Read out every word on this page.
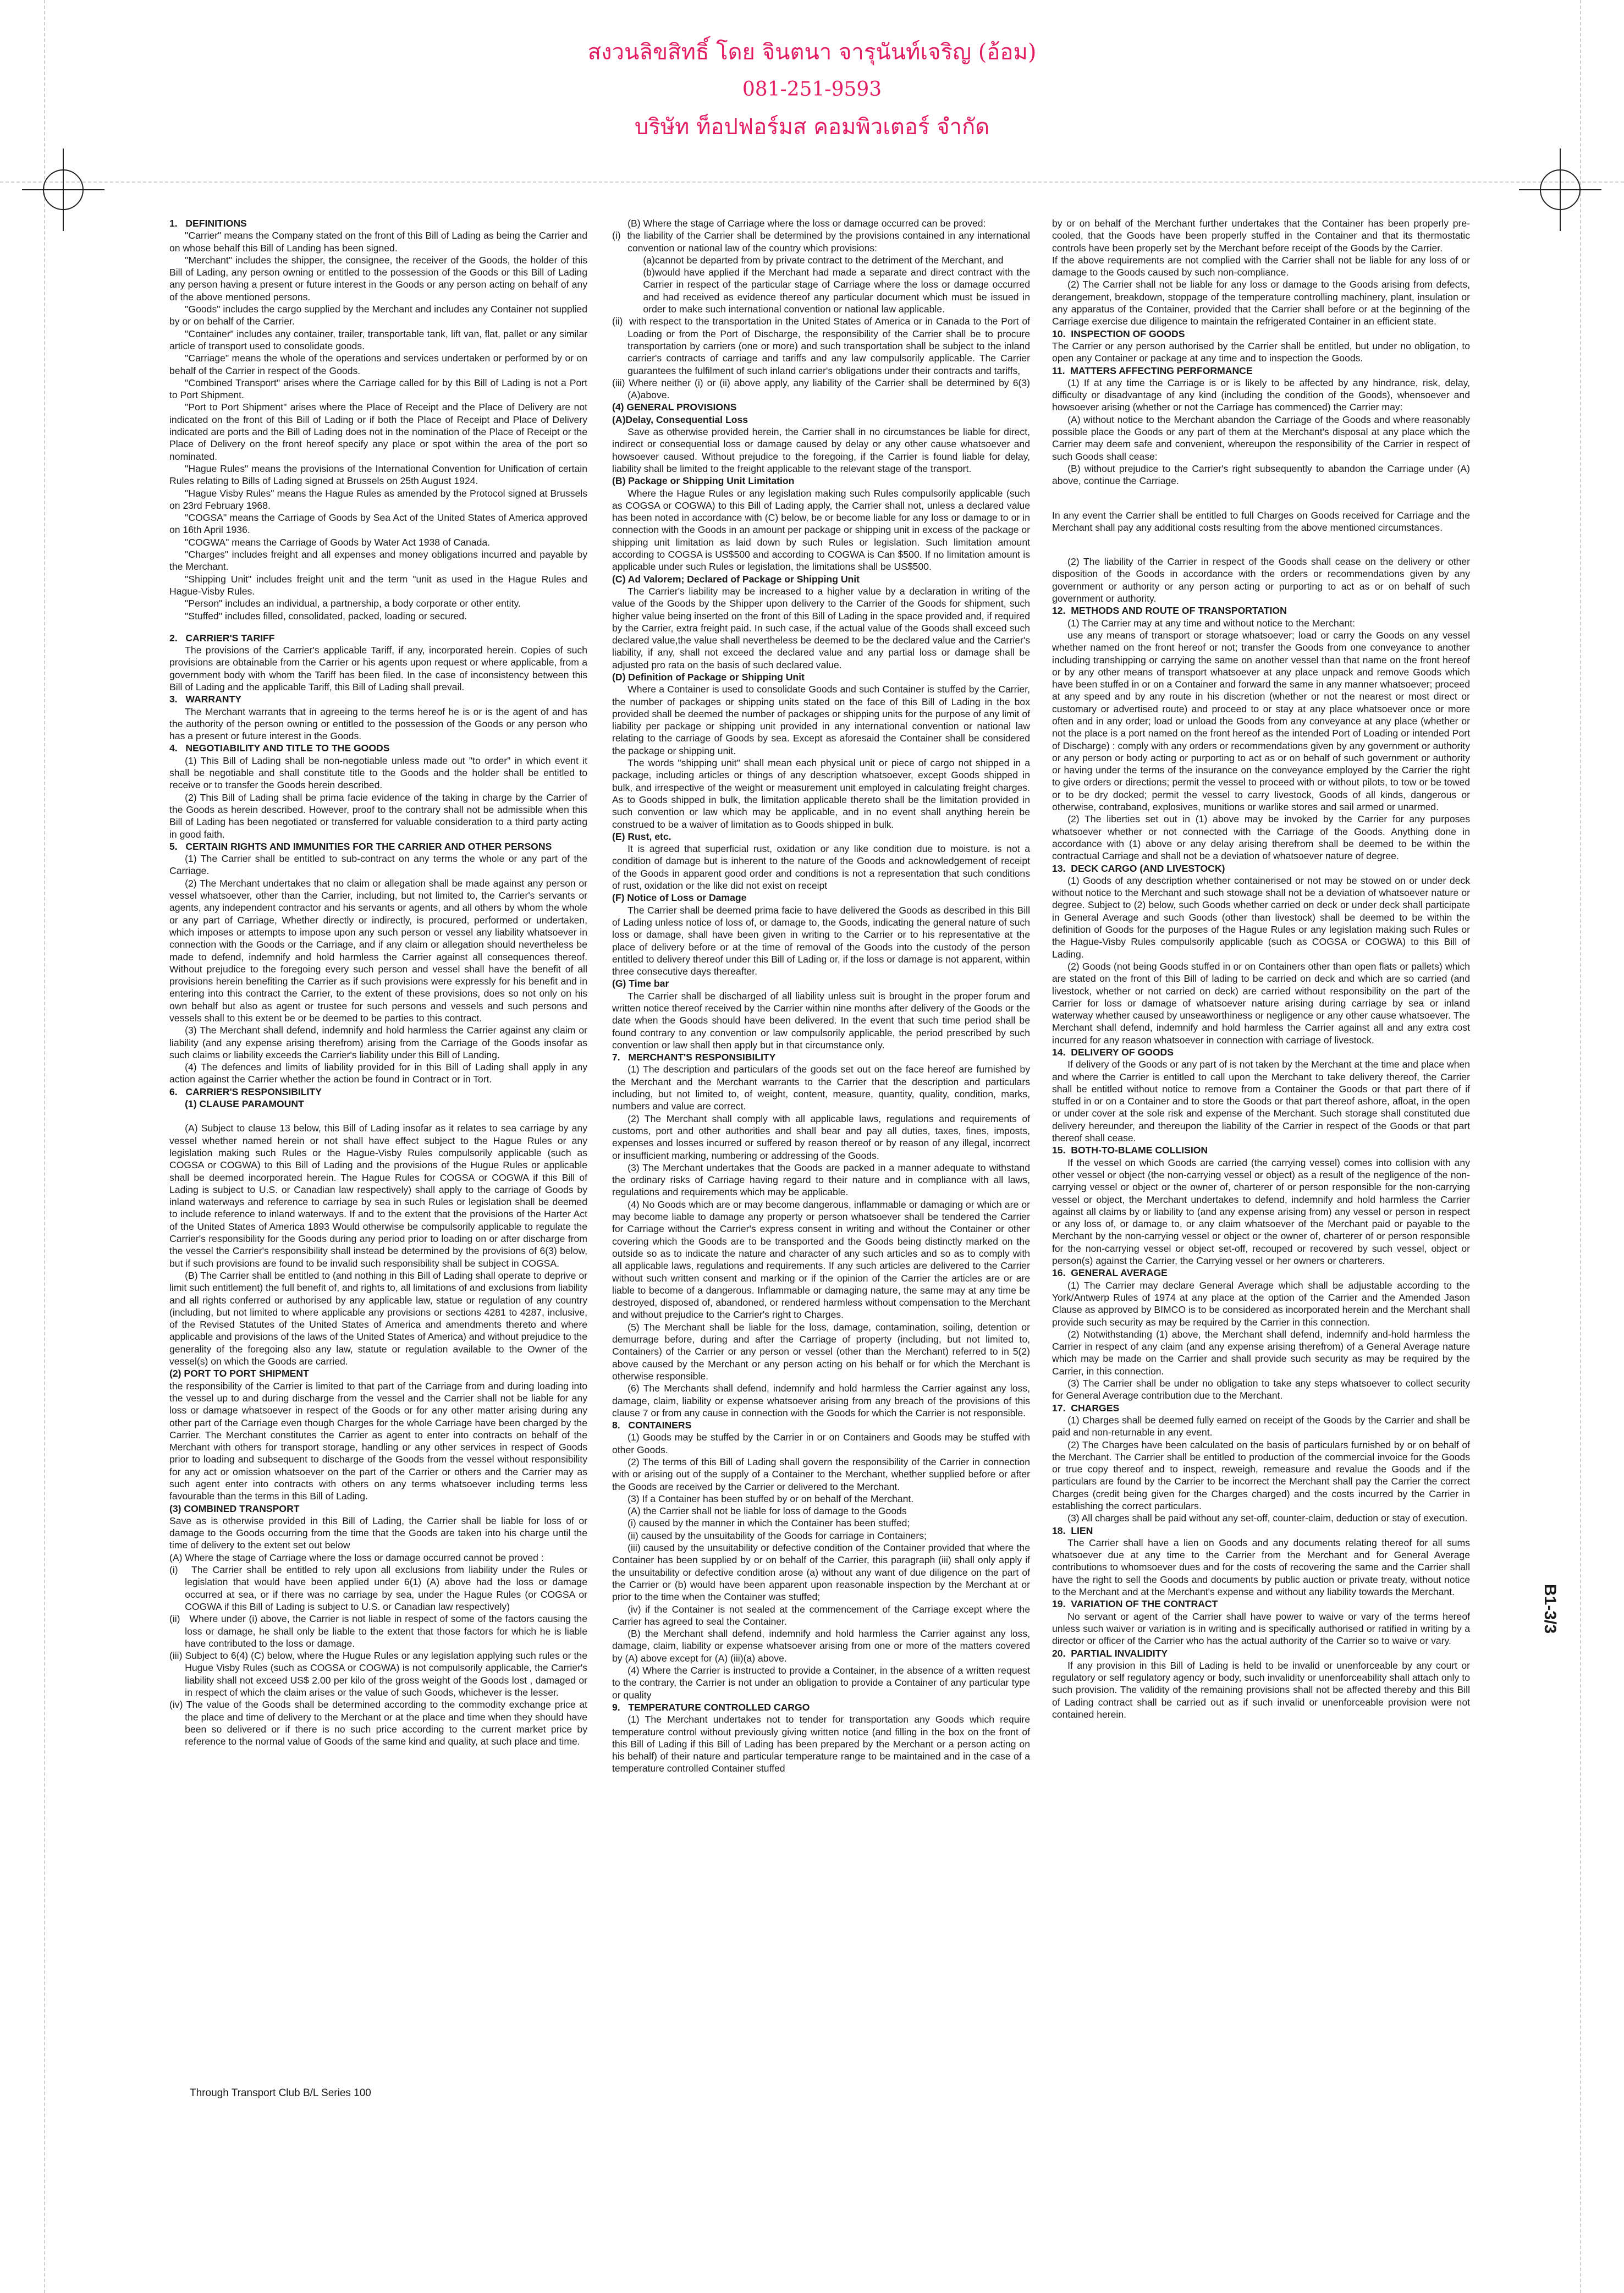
สงวนลิขสิทธิ์ โดย จินตนา จารุนันท์เจริญ (อ้อม)
081-251-9593
บริษัท ท็อปฟอร์มส คอมพิวเตอร์ จำกัด
1.   DEFINITIONS

"Carrier" means the Company stated on the front of this Bill of Lading as being the Carrier and on whose behalf this Bill of Landing has been signed.

"Merchant" includes the shipper, the consignee, the receiver of the Goods, the holder of this Bill of Lading, any person owning or entitled to the possession of the Goods or this Bill of Lading any person having a present or future interest in the Goods or any person acting on behalf of any of the above mentioned persons.

"Goods" includes the cargo supplied by the Merchant and includes any Container not supplied by or on behalf of the Carrier.

"Container" includes any container, trailer, transportable tank, lift van, flat, pallet or any similar article of transport used to consolidate goods.

"Carriage" means the whole of the operations and services undertaken or performed by or on behalf of the Carrier in respect of the Goods.

"Combined Transport" arises where the Carriage called for by this Bill of Lading is not a Port to Port Shipment.

"Port to Port Shipment" arises where the Place of Receipt and the Place of Delivery are not indicated on the front of this Bill of Lading or if both the Place of Receipt and Place of Delivery indicated are ports and the Bill of Lading does not in the nomination of the Place of Receipt or the Place of Delivery on the front hereof specify any place or spot within the area of the port so nominated.

"Hague Rules" means the provisions of the International Convention for Unification of certain Rules relating to Bills of Lading signed at Brussels on 25th August 1924.

"Hague Visby Rules" means the Hague Rules as amended by the Protocol signed at Brussels on 23rd February 1968.

"COGSA" means the Carriage of Goods by Sea Act of the United States of America approved on 16th April 1936.

"COGWA" means the Carriage of Goods by Water Act 1938 of Canada.

"Charges" includes freight and all expenses and money obligations incurred and payable by the Merchant.

"Shipping Unit" includes freight unit and the term "unit as used in the Hague Rules and Hague-Visby Rules.

"Person" includes an individual, a partnership, a body corporate or other entity.

"Stuffed" includes filled, consolidated, packed, loading or secured.

2.   CARRIER'S TARIFF

The provisions of the Carrier's applicable Tariff, if any, incorporated herein. Copies of such provisions are obtainable from the Carrier or his agents upon request or where applicable, from a government body with whom the Tariff has been filed. In the case of inconsistency between this Bill of Lading and the applicable Tariff, this Bill of Lading shall prevail.

3.   WARRANTY

The Merchant warrants that in agreeing to the terms hereof he is or is the agent of and has the authority of the person owning or entitled to the possession of the Goods or any person who has a present or future interest in the Goods.

4.   NEGOTIABILITY AND TITLE TO THE GOODS

(1) This Bill of Lading shall be non-negotiable unless made out "to order" in which event it shall be negotiable and shall constitute title to the Goods and the holder shall be entitled to receive or to transfer the Goods herein described.

(2) This Bill of Lading shall be prima facie evidence of the taking in charge by the Carrier of the Goods as herein described. However, proof to the contrary shall not be admissible when this Bill of Lading has been negotiated or transferred for valuable consideration to a third party acting in good faith.

5.   CERTAIN RIGHTS AND IMMUNITIES FOR THE CARRIER AND OTHER PERSONS

(1) The Carrier shall be entitled to sub-contract on any terms the whole or any part of the Carriage.

(2) The Merchant undertakes that no claim or allegation shall be made against any person or vessel whatsoever, other than the Carrier, including, but not limited to, the Carrier's servants or agents, any independent contractor and his servants or agents, and all others by whom the whole or any part of Carriage, Whether directly or indirectly, is procured, performed or undertaken, which imposes or attempts to impose upon any such person or vessel any liability whatsoever in connection with the Goods or the Carriage, and if any claim or allegation should nevertheless be made to defend, indemnify and hold harmless the Carrier against all consequences thereof. Without prejudice to the foregoing every such person and vessel shall have the benefit of all provisions herein benefiting the Carrier as if such provisions were expressly for his benefit and in entering into this contract the Carrier, to the extent of these provisions, does so not only on his own behalf but also as agent or trustee for such persons and vessels and such persons and vessels shall to this extent be or be deemed to be parties to this contract.

(3) The Merchant shall defend, indemnify and hold harmless the Carrier against any claim or liability (and any expense arising therefrom) arising from the Carriage of the Goods insofar as such claims or liability exceeds the Carrier's liability under this Bill of Landing.

(4) The defences and limits of liability provided for in this Bill of Lading shall apply in any action against the Carrier whether the action be found in Contract or in Tort.

6.   CARRIER'S RESPONSIBILITY
(1) CLAUSE PARAMOUNT

(A) Subject to clause 13 below, this Bill of Lading insofar as it relates to sea carriage by any vessel whether named herein or not shall have effect subject to the Hague Rules or any legislation making such Rules or the Hague-Visby Rules compulsorily applicable (such as COGSA or COGWA) to this Bill of Lading and the provisions of the Hugue Rules or applicable shall be deemed incorporated herein. The Hague Rules for COGSA or COGWA if this Bill of Lading is subject to U.S. or Canadian law respectively) shall apply to the carriage of Goods by inland waterways and reference to carriage by sea in such Rules or legislation shall be deemed to include reference to inland waterways. If and to the extent that the provisions of the Harter Act of the United States of America 1893 Would otherwise be compulsorily applicable to regulate the Carrier's responsibility for the Goods during any period prior to loading on or after discharge from the vessel the Carrier's responsibility shall instead be determined by the provisions of 6(3) below, but if such provisions are found to be invalid such responsibility shall be subject in COGSA.

(B) The Carrier shall be entitled to (and nothing in this Bill of Lading shall operate to deprive or limit such entitlement) the full benefit of, and rights to, all limitations of and exclusions from liability and all rights conferred or authorised by any applicable law, statue or regulation of any country (including, but not limited to where applicable any provisions or sections 4281 to 4287, inclusive, of the Revised Statutes of the United States of America and amendments thereto and where applicable and provisions of the laws of the United States of America) and without prejudice to the generality of the foregoing also any law, statute or regulation available to the Owner of the vessel(s) on which the Goods are carried.

(2) PORT TO PORT SHIPMENT

the responsibility of the Carrier is limited to that part of the Carriage from and during loading into the vessel up to and during discharge from the vessel and the Carrier shall not be liable for any loss or damage whatsoever in respect of the Goods or for any other matter arising during any other part of the Carriage even though Charges for the whole Carriage have been charged by the Carrier. The Merchant constitutes the Carrier as agent to enter into contracts on behalf of the Merchant with others for transport storage, handling or any other services in respect of Goods prior to loading and subsequent to discharge of the Goods from the vessel without responsibility for any act or omission whatsoever on the part of the Carrier or others and the Carrier may as such agent enter into contracts with others on any terms whatsoever including terms less favourable than the terms in this Bill of Lading.

(3) COMBINED TRANSPORT

Save as is otherwise provided in this Bill of Lading, the Carrier shall be liable for loss of or damage to the Goods occurring from the time that the Goods are taken into his charge until the time of delivery to the extent set out below

(A) Where the stage of Carriage where the loss or damage occurred cannot be proved :

(i)   The Carrier shall be entitled to rely upon all exclusions from liability under the Rules or legislation that would have been applied under 6(1) (A) above had the loss or damage occurred at sea, or if there was no carriage by sea, under the Hague Rules (or COGSA or COGWA if this Bill of Lading is subject to U.S. or Canadian law respectively)

(ii)   Where under (i) above, the Carrier is not liable in respect of some of the factors causing the loss or damage, he shall only be liable to the extent that those factors for which he is liable have contributed to the loss or damage.

(iii) Subject to 6(4) (C) below, where the Hugue Rules or any legislation applying such rules or the Hugue Visby Rules (such as COGSA or COGWA) is not compulsorily applicable, the Carrier's liability shall not exceed US$ 2.00 per kilo of the gross weight of the Goods lost , damaged or in respect of which the claim arises or the value of such Goods, whichever is the lesser.

(iv) The value of the Goods shall be determined according to the commodity exchange price at the place and time of delivery to the Merchant or at the place and time when they should have been so delivered or if there is no such price according to the current market price by reference to the normal value of Goods of the same kind and quality, at such place and time.

(B) Where the stage of Carriage where the loss or damage occurred can be proved:

(i)  the liability of the Carrier shall be determined by the provisions contained in any international convention or national law of the country which provisions:

(a)cannot be departed from by private contract to the detriment of the Merchant, and

(b)would have applied if the Merchant had made a separate and direct contract with the Carrier in respect of the particular stage of Carriage where the loss or damage occurred and had received as evidence thereof any particular document which must be issued in order to make such international convention or national law applicable.

(ii)  with respect to the transportation in the United States of America or in Canada to the Port of Loading or from the Port of Discharge, the responsibility of the Carrier shall be to procure transportation by carriers (one or more) and such transportation shall be subject to the inland carrier's contracts of carriage and tariffs and any law compulsorily applicable. The Carrier guarantees the fulfilment of such inland carrier's obligations under their contracts and tariffs,

(iii) Where neither (i) or (ii) above apply, any liability of the Carrier shall be determined by 6(3)(A)above.

(4) GENERAL PROVISIONS
(A)Delay, Consequential Loss

Save as otherwise provided herein, the Carrier shall in no circumstances be liable for direct, indirect or consequential loss or damage caused by delay or any other cause whatsoever and howsoever caused. Without prejudice to the foregoing, if the Carrier is found liable for delay, liability shall be limited to the freight applicable to the relevant stage of the transport.

(B) Package or Shipping Unit Limitation

Where the Hague Rules or any legislation making such Rules compulsorily applicable (such as COGSA or COGWA) to this Bill of Lading apply, the Carrier shall not, unless a declared value has been noted in accordance with (C) below, be or become liable for any loss or damage to or in connection with the Goods in an amount per package or shipping unit in excess of the package or shipping unit limitation as laid down by such Rules or legislation. Such limitation amount according to COGSA is US$500 and according to COGWA is Can $500. If no limitation amount is applicable under such Rules or legislation, the limitations shall be US$500.

(C) Ad Valorem; Declared of Package or Shipping Unit

The Carrier's liability may be increased to a higher value by a declaration in writing of the value of the Goods by the Shipper upon delivery to the Carrier of the Goods for shipment, such higher value being inserted on the front of this Bill of Lading in the space provided and, if required by the Carrier, extra freight paid. In such case, if the actual value of the Goods shall exceed such declared value,the value shall nevertheless be deemed to be the declared value and the Carrier's liability, if any, shall not exceed the declared value and any partial loss or damage shall be adjusted pro rata on the basis of such declared value.

(D) Definition of Package or Shipping Unit

Where a Container is used to consolidate Goods and such Container is stuffed by the Carrier, the number of packages or shipping units stated on the face of this Bill of Lading in the box provided shall be deemed the number of packages or shipping units for the purpose of any limit of liability per package or shipping unit provided in any international convention or national law relating to the carriage of Goods by sea. Except as aforesaid the Container shall be considered the package or shipping unit.

The words "shipping unit" shall mean each physical unit or piece of cargo not shipped in a package, including articles or things of any description whatsoever, except Goods shipped in bulk, and irrespective of the weight or measurement unit employed in calculating freight charges. As to Goods shipped in bulk, the limitation applicable thereto shall be the limitation provided in such convention or law which may be applicable, and in no event shall anything herein be construed to be a waiver of limitation as to Goods shipped in bulk.

(E) Rust, etc.

It is agreed that superficial rust, oxidation or any like condition due to moisture. is not a condition of damage but is inherent to the nature of the Goods and acknowledgement of receipt of the Goods in apparent good order and conditions is not a representation that such conditions of rust, oxidation or the like did not exist on receipt

(F) Notice of Loss or Damage

The Carrier shall be deemed prima facie to have delivered the Goods as described in this Bill of Lading unless notice of loss of, or damage to, the Goods, indicating the general nature of such loss or damage, shall have been given in writing to the Carrier or to his representative at the place of delivery before or at the time of removal of the Goods into the custody of the person entitled to delivery thereof under this Bill of Lading or, if the loss or damage is not apparent, within three consecutive days thereafter.

(G) Time bar

The Carrier shall be discharged of all liability unless suit is brought in the proper forum and written notice thereof received by the Carrier within nine months after delivery of the Goods or the date when the Goods should have been delivered. In the event that such time period shall be found contrary to any convention or law compulsorily applicable, the period prescribed by such convention or law shall then apply but in that circumstance only.

7.   MERCHANT'S RESPONSIBILITY

(1) The description and particulars of the goods set out on the face hereof are furnished by the Merchant and the Merchant warrants to the Carrier that the description and particulars including, but not limited to, of weight, content, measure, quantity, quality, condition, marks, numbers and value are correct.

(2) The Merchant shall comply with all applicable laws, regulations and requirements of customs, port and other authorities and shall bear and pay all duties, taxes, fines, imposts, expenses and losses incurred or suffered by reason thereof or by reason of any illegal, incorrect or insufficient marking, numbering or addressing of the Goods.

(3) The Merchant undertakes that the Goods are packed in a manner adequate to withstand the ordinary risks of Carriage having regard to their nature and in compliance with all laws, regulations and requirements which may be applicable.

(4) No Goods which are or may become dangerous, inflammable or damaging or which are or may become liable to damage any property or person whatsoever shall be tendered the Carrier for Carriage without the Carrier's express consent in writing and without the Container or other covering which the Goods are to be transported and the Goods being distinctly marked on the outside so as to indicate the nature and character of any such articles and so as to comply with all applicable laws, regulations and requirements. If any such articles are delivered to the Carrier without such written consent and marking or if the opinion of the Carrier the articles are or are liable to become of a dangerous. Inflammable or damaging nature, the same may at any time be destroyed, disposed of, abandoned, or rendered harmless without compensation to the Merchant and without prejudice to the Carrier's right to Charges.

(5) The Merchant shall be liable for the loss, damage, contamination, soiling, detention or demurrage before, during and after the Carriage of property (including, but not limited to, Containers) of the Carrier or any person or vessel (other than the Merchant) referred to in 5(2) above caused by the Merchant or any person acting on his behalf or for which the Merchant is otherwise responsible.

(6) The Merchants shall defend, indemnify and hold harmless the Carrier against any loss, damage, claim, liability or expense whatsoever arising from any breach of the provisions of this clause 7 or from any cause in connection with the Goods for which the Carrier is not responsible.

8.   CONTAINERS

(1) Goods may be stuffed by the Carrier in or on Containers and Goods may be stuffed with other Goods.

(2) The terms of this Bill of Lading shall govern the responsibility of the Carrier in connection with or arising out of the supply of a Container to the Merchant, whether supplied before or after the Goods are received by the Carrier or delivered to the Merchant.

(3) If a Container has been stuffed by or on behalf of the Merchant.

(A) the Carrier shall not be liable for loss of damage to the Goods

(i) caused by the manner in which the Container has been stuffed;

(ii) caused by the unsuitability of the Goods for carriage in Containers;

(iii) caused by the unsuitability or defective condition of the Container provided that where the Container has been supplied by or on behalf of the Carrier, this paragraph (iii) shall only apply if the unsuitability or defective condition arose (a) without any want of due diligence on the part of the Carrier or (b) would have been apparent upon reasonable inspection by the Merchant at or prior to the time when the Container was stuffed;

(iv) if the Container is not sealed at the commencement of the Carriage except where the Carrier has agreed to seal the Container.

(B) the Merchant shall defend, indemnify and hold harmless the Carrier against any loss, damage, claim, liability or expense whatsoever arising from one or more of the matters covered by (A) above except for (A) (iii)(a) above.

(4) Where the Carrier is instructed to provide a Container, in the absence of a written request to the contrary, the Carrier is not under an obligation to provide a Container of any particular type or quality

9.   TEMPERATURE CONTROLLED CARGO

(1) The Merchant undertakes not to tender for transportation any Goods which require temperature control without previously giving written notice (and filling in the box on the front of this Bill of Lading if this Bill of Lading has been prepared by the Merchant or a person acting on his behalf) of their nature and particular temperature range to be maintained and in the case of a temperature controlled Container stuffed

by or on behalf of the Merchant further undertakes that the Container has been properly pre-cooled, that the Goods have been properly stuffed in the Container and that its thermostatic controls have been properly set by the Merchant before receipt of the Goods by the Carrier.

If the above requirements are not complied with the Carrier shall not be liable for any loss of or damage to the Goods caused by such non-compliance.

(2) The Carrier shall not be liable for any loss or damage to the Goods arising from defects, derangement, breakdown, stoppage of the temperature controlling machinery, plant, insulation or any apparatus of the Container, provided that the Carrier shall before or at the beginning of the Carriage exercise due diligence to maintain the refrigerated Container in an efficient state.

10.  INSPECTION OF GOODS

The Carrier or any person authorised by the Carrier shall be entitled, but under no obligation, to open any Container or package at any time and to inspection the Goods.

11.  MATTERS AFFECTING PERFORMANCE

(1) If at any time the Carriage is or is likely to be affected by any hindrance, risk, delay, difficulty or disadvantage of any kind (including the condition of the Goods), whensoever and howsoever arising (whether or not the Carriage has commenced) the Carrier may:

(A) without notice to the Merchant abandon the Carriage of the Goods and where reasonably possible place the Goods or any part of them at the Merchant's disposal at any place which the Carrier may deem safe and convenient, whereupon the responsibility of the Carrier in respect of such Goods shall cease:

(B) without prejudice to the Carrier's right subsequently to abandon the Carriage under (A) above, continue the Carriage.

In any event the Carrier shall be entitled to full Charges on Goods received for Carriage and the Merchant shall pay any additional costs resulting from the above mentioned circumstances.

(2) The liability of the Carrier in respect of the Goods shall cease on the delivery or other disposition of the Goods in accordance with the orders or recommendations given by any government or authority or any person acting or purporting to act as or on behalf of such government or authority.

12.  METHODS AND ROUTE OF TRANSPORTATION

(1) The Carrier may at any time and without notice to the Merchant:

use any means of transport or storage whatsoever; load or carry the Goods on any vessel whether named on the front hereof or not; transfer the Goods from one conveyance to another including transhipping or carrying the same on another vessel than that name on the front hereof or by any other means of transport whatsoever at any place unpack and remove Goods which have been stuffed in or on a Container and forward the same in any manner whatsoever; proceed at any speed and by any route in his discretion (whether or not the nearest or most direct or customary or advertised route) and proceed to or stay at any place whatsoever once or more often and in any order; load or unload the Goods from any conveyance at any place (whether or not the place is a port named on the front hereof as the intended Port of Loading or intended Port of Discharge) : comply with any orders or recommendations given by any government or authority or any person or body acting or purporting to act as or on behalf of such government or authority or having under the terms of the insurance on the conveyance employed by the Carrier the right to give orders or directions; permit the vessel to proceed with or without pilots, to tow or be towed or to be dry docked; permit the vessel to carry livestock, Goods of all kinds, dangerous or otherwise, contraband, explosives, munitions or warlike stores and sail armed or unarmed.

(2) The liberties set out in (1) above may be invoked by the Carrier for any purposes whatsoever whether or not connected with the Carriage of the Goods. Anything done in accordance with (1) above or any delay arising therefrom shall be deemed to be within the contractual Carriage and shall not be a deviation of whatsoever nature of degree.

13.  DECK CARGO (AND LIVESTOCK)

(1) Goods of any description whether containerised or not may be stowed on or under deck without notice to the Merchant and such stowage shall not be a deviation of whatsoever nature or degree. Subject to (2) below, such Goods whether carried on deck or under deck shall participate in General Average and such Goods (other than livestock) shall be deemed to be within the definition of Goods for the purposes of the Hague Rules or any legislation making such Rules or the Hague-Visby Rules compulsorily applicable (such as COGSA or COGWA) to this Bill of Lading.

(2) Goods (not being Goods stuffed in or on Containers other than open flats or pallets) which are stated on the front of this Bill of lading to be carried on deck and which are so carried (and livestock, whether or not carried on deck) are carried without responsibility on the part of the Carrier for loss or damage of whatsoever nature arising during carriage by sea or inland waterway whether caused by unseaworthiness or negligence or any other cause whatsoever. The Merchant shall defend, indemnify and hold harmless the Carrier against all and any extra cost incurred for any reason whatsoever in connection with carriage of livestock.

14.  DELIVERY OF GOODS

If delivery of the Goods or any part of is not taken by the Merchant at the time and place when and where the Carrier is entitled to call upon the Merchant to take delivery thereof, the Carrier shall be entitled without notice to remove from a Container the Goods or that part there of if stuffed in or on a Container and to store the Goods or that part thereof ashore, afloat, in the open or under cover at the sole risk and expense of the Merchant. Such storage shall constituted due delivery hereunder, and thereupon the liability of the Carrier in respect of the Goods or that part thereof shall cease.

15.  BOTH-TO-BLAME COLLISION

If the vessel on which Goods are carried (the carrying vessel) comes into collision with any other vessel or object (the non-carrying vessel or object) as a result of the negligence of the non-carrying vessel or object or the owner of, charterer of or person responsible for the non-carrying vessel or object, the Merchant undertakes to defend, indemnify and hold harmless the Carrier against all claims by or liability to (and any expense arising from) any vessel or person in respect or any loss of, or damage to, or any claim whatsoever of the Merchant paid or payable to the Merchant by the non-carrying vessel or object or the owner of, charterer of or person responsible for the non-carrying vessel or object set-off, recouped or recovered by such vessel, object or person(s) against the Carrier, the Carrying vessel or her owners or charterers.

16.  GENERAL AVERAGE

(1) The Carrier may declare General Average which shall be adjustable according to the York/Antwerp Rules of 1974 at any place at the option of the Carrier and the Amended Jason Clause as approved by BIMCO is to be considered as incorporated herein and the Merchant shall provide such security as may be required by the Carrier in this connection.

(2) Notwithstanding (1) above, the Merchant shall defend, indemnify and-hold harmless the Carrier in respect of any claim (and any expense arising therefrom) of a General Average nature which may be made on the Carrier and shall provide such security as may be required by the Carrier, in this connection.

(3) The Carrier shall be under no obligation to take any steps whatsoever to collect security for General Average contribution due to the Merchant.

17.  CHARGES

(1) Charges shall be deemed fully earned on receipt of the Goods by the Carrier and shall be paid and non-returnable in any event.

(2) The Charges have been calculated on the basis of particulars furnished by or on behalf of the Merchant. The Carrier shall be entitled to production of the commercial invoice for the Goods or true copy thereof and to inspect, reweigh, remeasure and revalue the Goods and if the particulars are found by the Carrier to be incorrect the Merchant shall pay the Carrier the correct Charges (credit being given for the Charges charged) and the costs incurred by the Carrier in establishing the correct particulars.

(3) All charges shall be paid without any set-off, counter-claim, deduction or stay of execution.

18.  LIEN

The Carrier shall have a lien on Goods and any documents relating thereof for all sums whatsoever due at any time to the Carrier from the Merchant and for General Average contributions to whomsoever dues and for the costs of recovering the same and the Carrier shall have the right to sell the Goods and documents by public auction or private treaty, without notice to the Merchant and at the Merchant's expense and without any liability towards the Merchant.

19.  VARIATION OF THE CONTRACT

No servant or agent of the Carrier shall have power to waive or vary of the terms hereof unless such waiver or variation is in writing and is specifically authorised or ratified in writing by a director or officer of the Carrier who has the actual authority of the Carrier so to waive or vary.

20.  PARTIAL INVALIDITY

If any provision in this Bill of Lading is held to be invalid or unenforceable by any court or regulatory or self regulatory agency or body, such invalidity or unenforceability shall attach only to such provision. The validity of the remaining provisions shall not be affected thereby and this Bill of Lading contract shall be carried out as if such invalid or unenforceable provision were not contained herein.

Through Transport Club B/L Series 100
B1-3/3
